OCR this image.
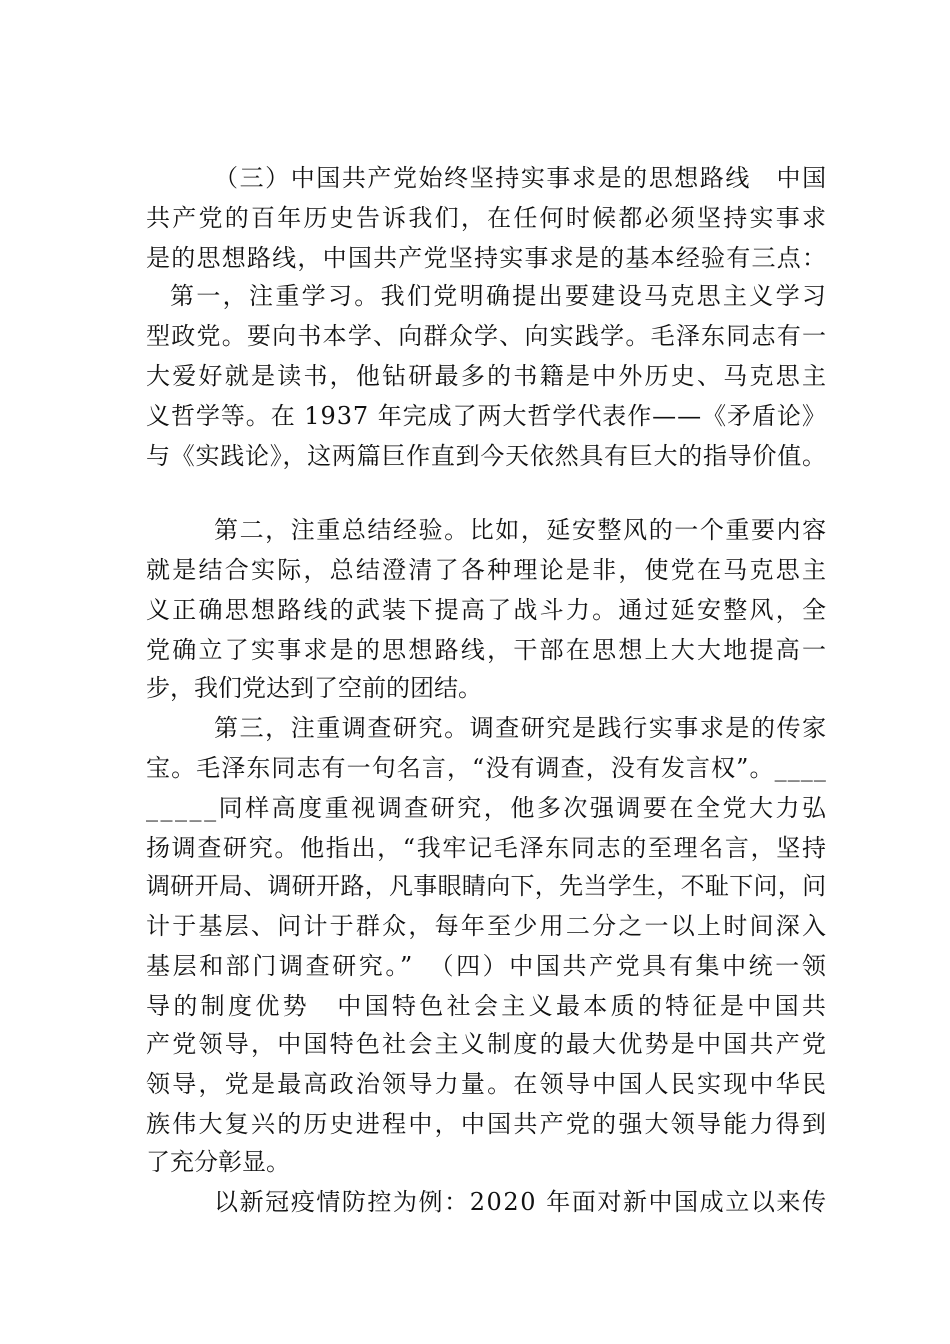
（三）中国共产党始终坚持实事求是的思想路线　中国
共产党的百年历史告诉我们，在任何时候都必须坚持实事求
是的思想路线，中国共产党坚持实事求是的基本经验有三点：
第一，注重学习。我们党明确提出要建设马克思主义学习
型政党。要向书本学、向群众学、向实践学。毛泽东同志有一
大爱好就是读书，他钻研最多的书籍是中外历史、马克思主
义哲学等。在 1937 年完成了两大哲学代表作——《矛盾论》
与《实践论》，这两篇巨作直到今天依然具有巨大的指导价值。
第二，注重总结经验。比如，延安整风的一个重要内容
就是结合实际，总结澄清了各种理论是非，使党在马克思主
义正确思想路线的武装下提高了战斗力。通过延安整风，全
党确立了实事求是的思想路线，干部在思想上大大地提高一
步，我们党达到了空前的团结。
第三，注重调查研究。调查研究是践行实事求是的传家
宝。毛泽东同志有一句名言，“没有调查，没有发言权”。____
_____同样高度重视调查研究，他多次强调要在全党大力弘
扬调查研究。他指出，“我牢记毛泽东同志的至理名言，坚持
调研开局、调研开路，凡事眼睛向下，先当学生，不耻下问，问
计于基层、问计于群众，每年至少用二分之一以上时间深入
基层和部门调查研究。”　（四）中国共产党具有集中统一领
导的制度优势　中国特色社会主义最本质的特征是中国共
产党领导，中国特色社会主义制度的最大优势是中国共产党
领导，党是最高政治领导力量。在领导中国人民实现中华民
族伟大复兴的历史进程中，中国共产党的强大领导能力得到
了充分彰显。
以新冠疫情防控为例：2020 年面对新中国成立以来传
